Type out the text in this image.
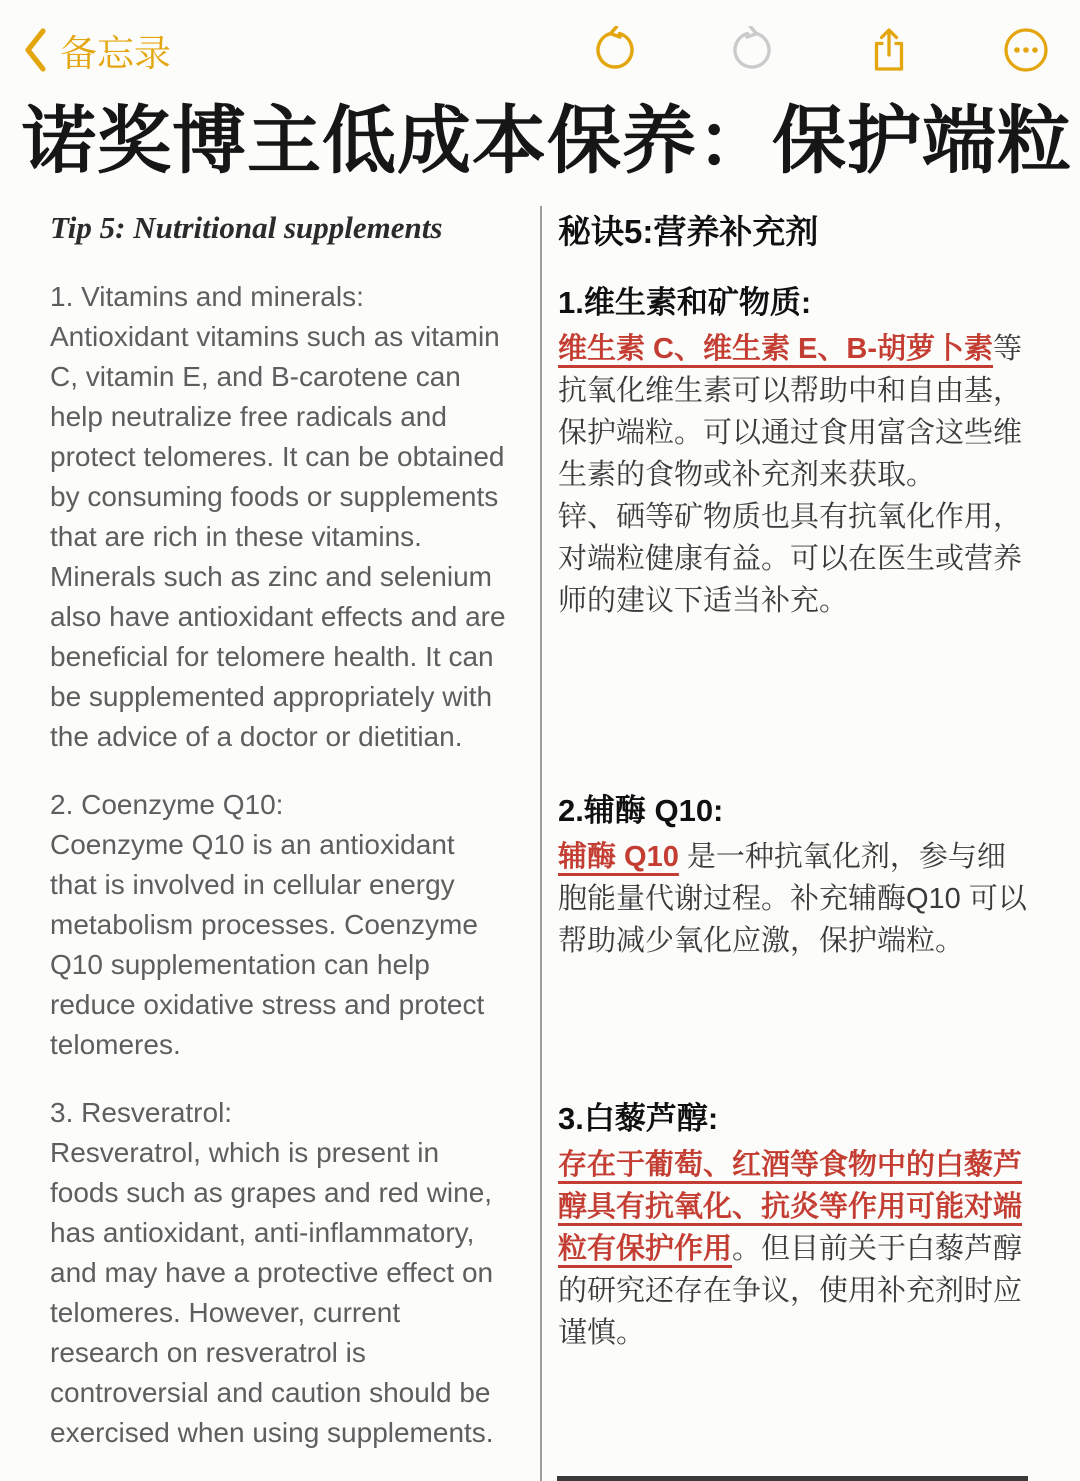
备忘录
诺奖博主低成本保养：保护端粒
Tip 5: Nutritional supplements	秘诀5:营养补充剂
1. Vitamins and minerals:
Antioxidant vitamins such as vitamin C, vitamin E, and B-carotene can help neutralize free radicals and protect telomeres. It can be obtained by consuming foods or supplements that are rich in these vitamins.
Minerals such as zinc and selenium also have antioxidant effects and are beneficial for telomere health. It can be supplemented appropriately with the advice of a doctor or dietitian.
1.维生素和矿物质:

维生素 C、维生素 E、B-胡萝卜素等抗氧化维生素可以帮助中和自由基，保护端粒。可以通过食用富含这些维生素的食物或补充剂来获取。

锌、硒等矿物质也具有抗氧化作用，对端粒健康有益。可以在医生或营养师的建议下适当补充。

2. Coenzyme Q10:
Coenzyme Q10 is an antioxidant that is involved in cellular energy metabolism processes. Coenzyme Q10 supplementation can help reduce oxidative stress and protect telomeres.
2.辅酶 Q10:

辅酶 Q10 是一种抗氧化剂，参与细胞能量代谢过程。补充辅酶Q10 可以帮助减少氧化应激，保护端粒。

3. Resveratrol:
Resveratrol, which is present in foods such as grapes and red wine, has antioxidant, anti-inflammatory, and may have a protective effect on telomeres. However, current research on resveratrol is controversial and caution should be exercised when using supplements.
3.白藜芦醇:

存在于葡萄、红酒等食物中的白藜芦醇具有抗氧化、抗炎等作用可能对端粒有保护作用。但目前关于白藜芦醇的研究还存在争议，使用补充剂时应谨慎。
